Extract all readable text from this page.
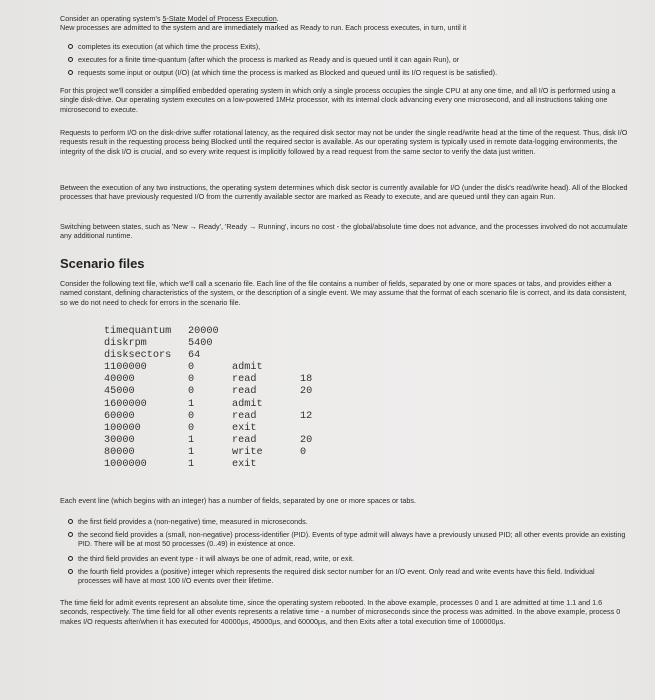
Consider an operating system's 5-State Model of Process Execution.

New processes are admitted to the system and are immediately marked as Ready to run. Each process executes, in turn, until it

completes its execution (at which time the process Exits),
executes for a finite time-quantum (after which the process is marked as Ready and is queued until it can again Run), or
requests some input or output (I/O) (at which time the process is marked as Blocked and queued until its I/O request is be satisfied).

For this project we'll consider a simplified embedded operating system in which only a single process occupies the single CPU at any one time, and all I/O is performed using a single disk-drive. Our operating system executes on a low-powered 1MHz processor, with its internal clock advancing every one microsecond, and all instructions taking one microsecond to execute.

Requests to perform I/O on the disk-drive suffer rotational latency, as the required disk sector may not be under the single read/write head at the time of the request. Thus, disk I/O requests result in the requesting process being Blocked until the required sector is available. As our operating system is typically used in remote data-logging environments, the integrity of the disk I/O is crucial, and so every write request is implicitly followed by a read request from the same sector to verify the data just written.

Between the execution of any two instructions, the operating system determines which disk sector is currently available for I/O (under the disk's read/write head). All of the Blocked processes that have previously requested I/O from the currently available sector are marked as Ready to execute, and are queued until they can again Run.

Switching between states, such as 'New → Ready', 'Ready → Running', incurs no cost - the global/absolute time does not advance, and the processes involved do not accumulate any additional runtime.

Scenario files

Consider the following text file, which we'll call a scenario file. Each line of the file contains a number of fields, separated by one or more spaces or tabs, and provides either a named constant, defining characteristics of the system, or the description of a single event. We may assume that the format of each scenario file is correct, and its data consistent, so we do not need to check for errors in the scenario file.

timequantum 20000
diskrpm	5400
disksectors 64
1100000	0	admit
40000	0	read	18
45000	0	read	20
1600000	1	admit
60000	0	read	12
100000	0	exit
30000	1	read	20
80000	1	write	0
1000000	1	exit

Each event line (which begins with an integer) has a number of fields, separated by one or more spaces or tabs.

the first field provides a (non-negative) time, measured in microseconds.
the second field provides a (small, non-negative) process-identifier (PID). Events of type admit will always have a previously unused PID; all other events provide an existing PID. There will be at most 50 processes (0..49) in existence at once.
the third field provides an event type - it will always be one of admit, read, write, or exit.
the fourth field provides a (positive) integer which represents the required disk sector number for an I/O event. Only read and write events have this field. Individual processes will have at most 100 I/O events over their lifetime.

The time field for admit events represent an absolute time, since the operating system rebooted. In the above example, processes 0 and 1 are admitted at time 1.1 and 1.6 seconds, respectively. The time field for all other events represents a relative time - a number of microseconds since the process was admitted. In the above example, process 0 makes I/O requests after/when it has executed for 40000µs, 45000µs, and 60000µs, and then Exits after a total execution time of 100000µs.
